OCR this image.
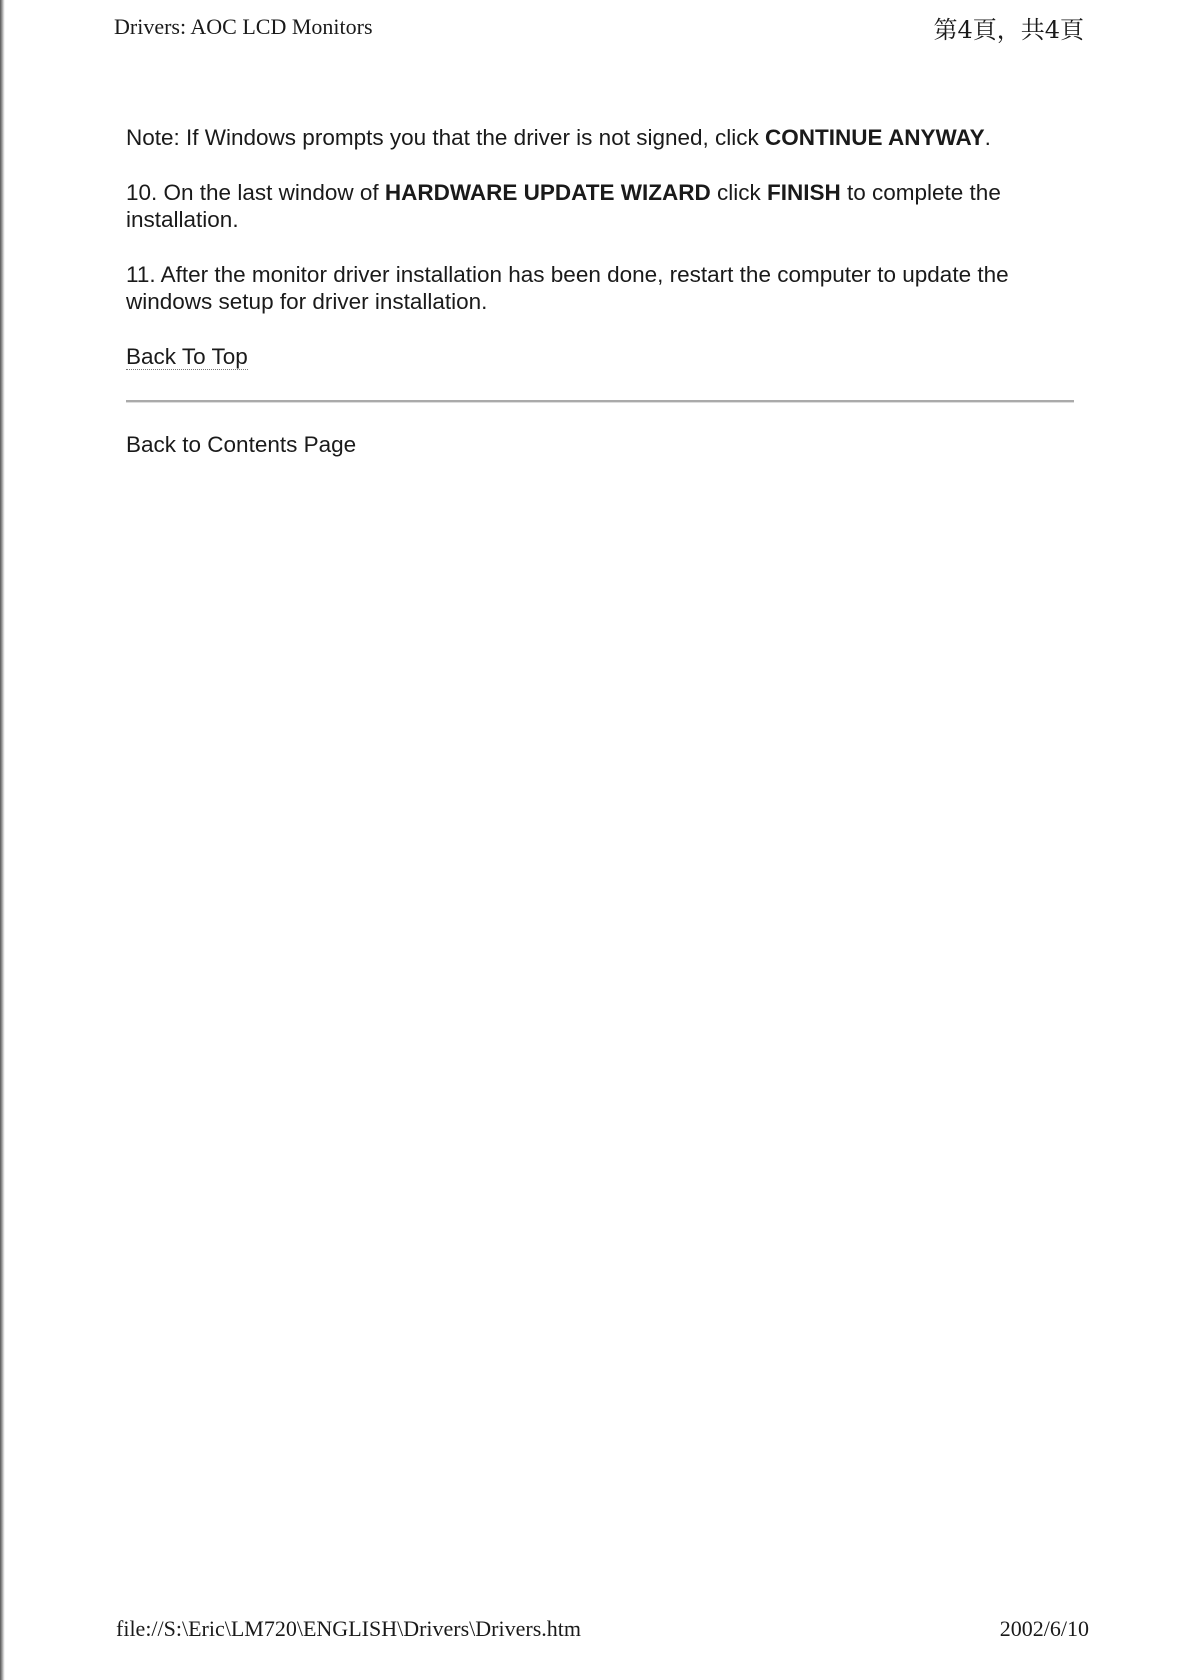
Drivers: AOC LCD Monitors	第4頁，共4頁

Note: If Windows prompts you that the driver is not signed, click CONTINUE ANYWAY.

10. On the last window of HARDWARE UPDATE WIZARD click FINISH to complete the installation.

11. After the monitor driver installation has been done, restart the computer to update the windows setup for driver installation.

Back To Top
Back to Contents Page
file://S:\Eric\LM720\ENGLISH\Drivers\Drivers.htm	2002/6/10
